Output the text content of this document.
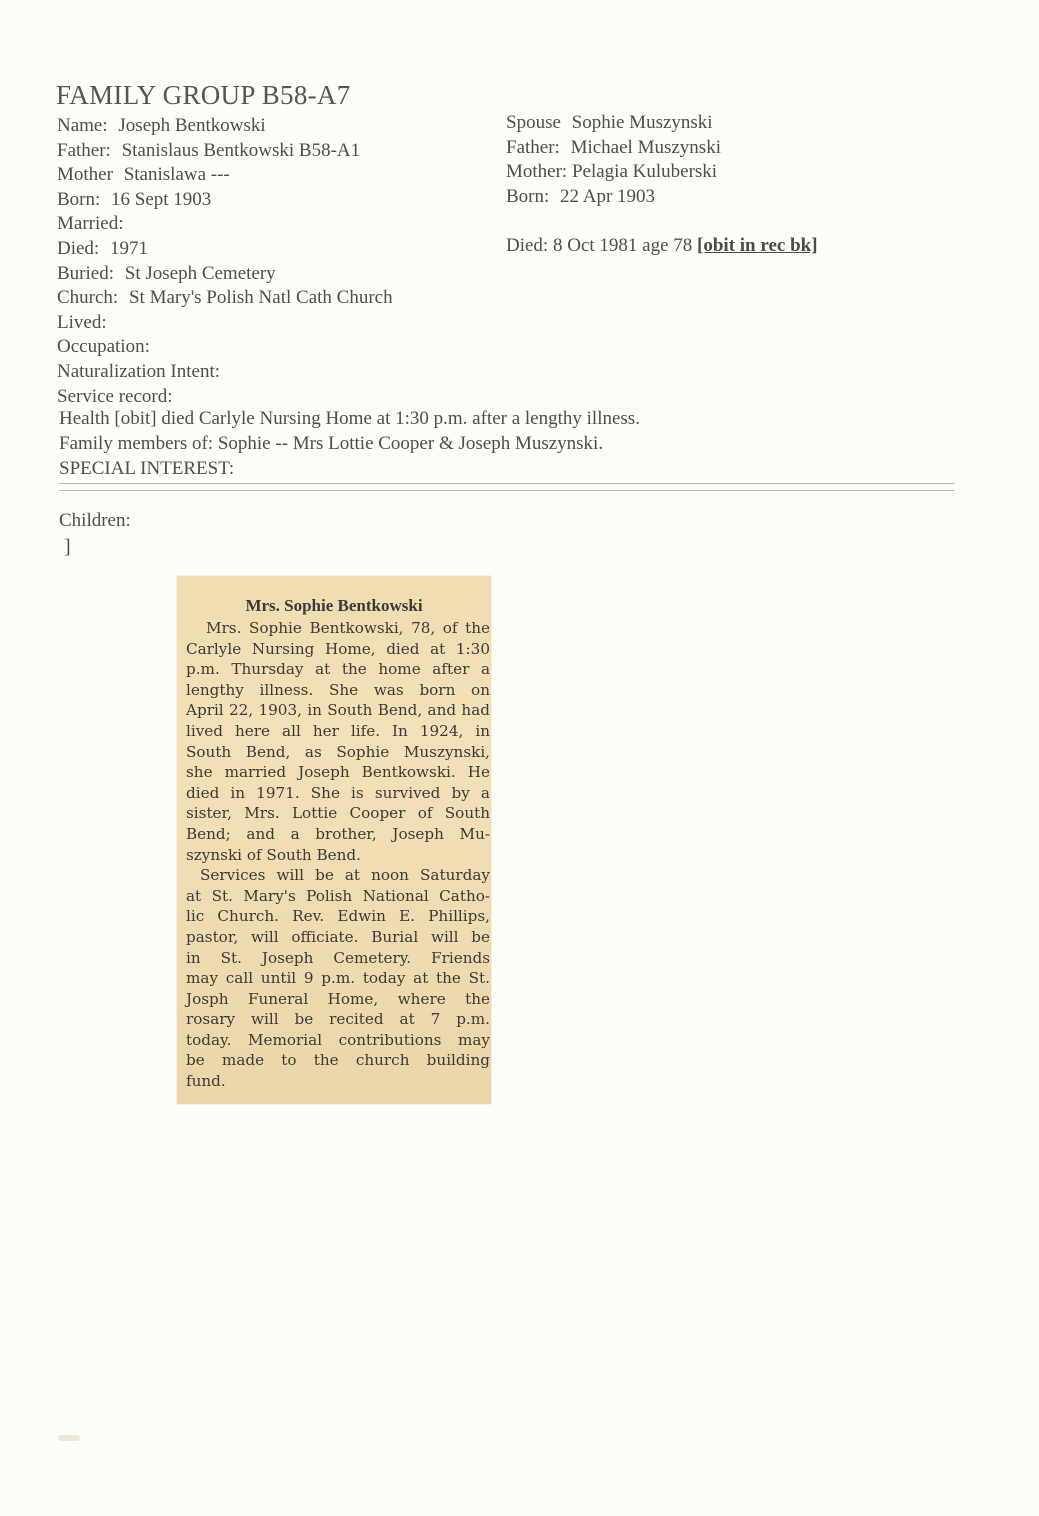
FAMILY GROUP B58-A7
Name: Joseph Bentkowski
Father: Stanislaus Bentkowski B58-A1
Mother Stanislawa ---
Born: 16 Sept 1903
Married:
Died: 1971
Buried: St Joseph Cemetery
Church: St Mary's Polish Natl Cath Church
Lived:
Occupation:
Naturalization Intent:
Service record:
Spouse Sophie Muszynski
Father: Michael Muszynski
Mother: Pelagia Kuluberski
Born: 22 Apr 1903
Died: 8 Oct 1981 age 78 [obit in rec bk]
Health [obit] died Carlyle Nursing Home at 1:30 p.m. after a lengthy illness.
Family members of: Sophie -- Mrs Lottie Cooper & Joseph Muszynski.
SPECIAL INTEREST:
Children:
]
Mrs. Sophie Bentkowski
Mrs. Sophie Bentkowski, 78, of the
Carlyle Nursing Home, died at 1:30
p.m. Thursday at the home after a
lengthy illness. She was born on
April 22, 1903, in South Bend, and had
lived here all her life. In 1924, in
South Bend, as Sophie Muszynski,
she married Joseph Bentkowski. He
died in 1971. She is survived by a
sister, Mrs. Lottie Cooper of South
Bend; and a brother, Joseph Mu-
szynski of South Bend.
Services will be at noon Saturday
at St. Mary's Polish National Catho-
lic Church. Rev. Edwin E. Phillips,
pastor, will officiate. Burial will be
in St. Joseph Cemetery. Friends
may call until 9 p.m. today at the St.
Josph Funeral Home, where the
rosary will be recited at 7 p.m.
today. Memorial contributions may
be made to the church building
fund.
